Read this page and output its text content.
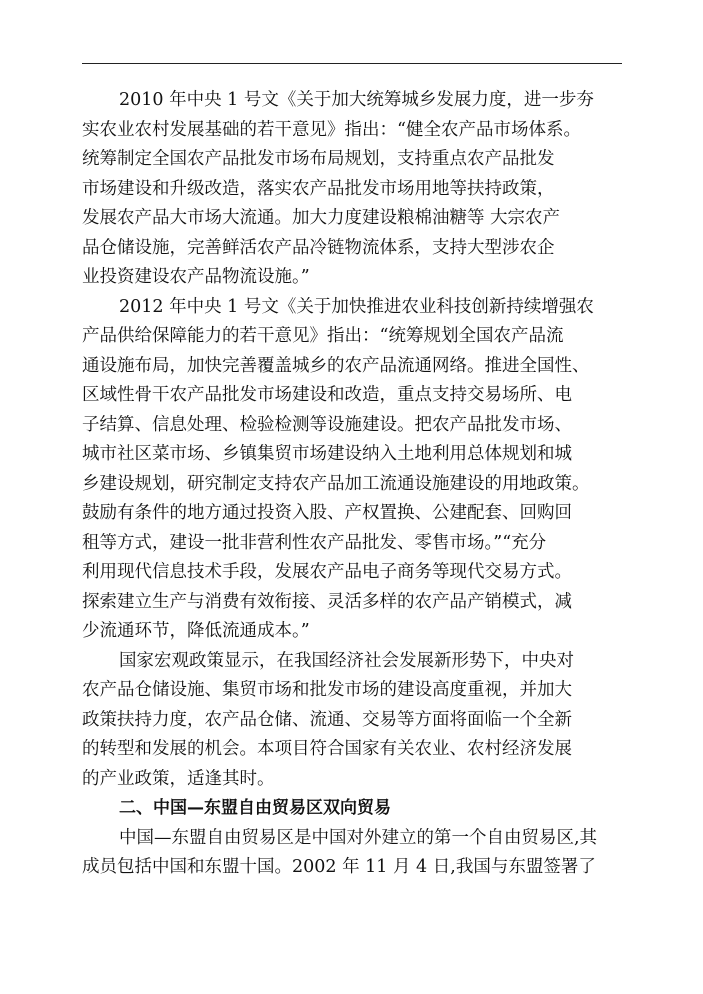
2010 年中央 1 号文《关于加大统筹城乡发展力度，进一步夯
实农业农村发展基础的若干意见》指出：“健全农产品市场体系。
统筹制定全国农产品批发市场布局规划，支持重点农产品批发
市场建设和升级改造，落实农产品批发市场用地等扶持政策，
发展农产品大市场大流通。加大力度建设粮棉油糖等 大宗农产
品仓储设施，完善鲜活农产品冷链物流体系，支持大型涉农企
业投资建设农产品物流设施。”
2012 年中央 1 号文《关于加快推进农业科技创新持续增强农
产品供给保障能力的若干意见》指出：“统筹规划全国农产品流
通设施布局，加快完善覆盖城乡的农产品流通网络。推进全国性、
区域性骨干农产品批发市场建设和改造，重点支持交易场所、电
子结算、信息处理、检验检测等设施建设。把农产品批发市场、
城市社区菜市场、乡镇集贸市场建设纳入土地利用总体规划和城
乡建设规划，研究制定支持农产品加工流通设施建设的用地政策。
鼓励有条件的地方通过投资入股、产权置换、公建配套、回购回
租等方式，建设一批非营利性农产品批发、零售市场。”“充分
利用现代信息技术手段，发展农产品电子商务等现代交易方式。
探索建立生产与消费有效衔接、灵活多样的农产品产销模式，减
少流通环节，降低流通成本。”
国家宏观政策显示，在我国经济社会发展新形势下，中央对
农产品仓储设施、集贸市场和批发市场的建设高度重视，并加大
政策扶持力度，农产品仓储、流通、交易等方面将面临一个全新
的转型和发展的机会。本项目符合国家有关农业、农村经济发展
的产业政策，适逢其时。
二、中国—东盟自由贸易区双向贸易
中国—东盟自由贸易区是中国对外建立的第一个自由贸易区,其
成员包括中国和东盟十国。2002 年 11 月 4 日,我国与东盟签署了
